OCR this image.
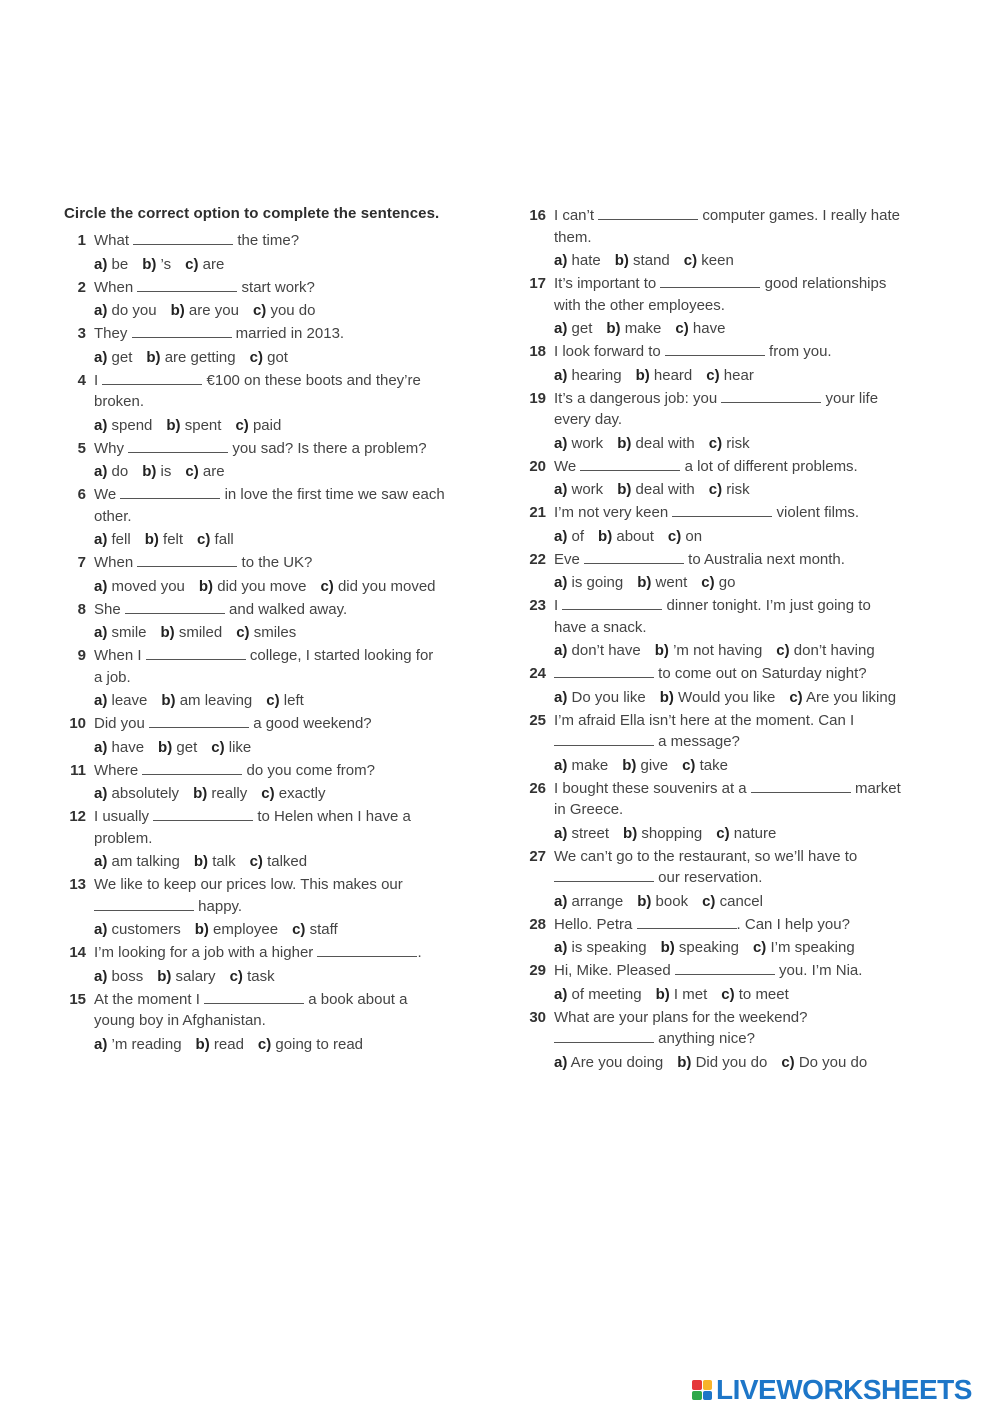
Circle the correct option to complete the sentences.
1 What	the time?
a) be b) ’s c) are
2 When	start work?
a) do you b) are you c) you do
3 They	married in 2013.
a) get b) are getting c) got
4 I	€100 on these boots and they’re
broken.
a) spend b) spent c) paid
5 Why	you sad? Is there a problem?
a) do b) is c) are
6 We	in love the first time we saw each
other.
a) fell b) felt c) fall
7 When	to the UK?
a) moved you b) did you move c) did you moved
8 She	and walked away.
a) smile b) smiled c) smiles
9 When I	college, I started looking for
a job.
a) leave b) am leaving c) left
10 Did you	a good weekend?
a) have b) get c) like
11 Where	do you come from?
a) absolutely b) really c) exactly
12 I usually	to Helen when I have a
problem.
a) am talking b) talk c) talked
13 We like to keep our prices low. This makes our
happy.
a) customers b) employee c) staff
14 I’m looking for a job with a higher	.
a) boss b) salary c) task
15 At the moment I	a book about a
young boy in Afghanistan.
a) ’m reading b) read c) going to read
16 I can’t	computer games. I really hate
them.
a) hate b) stand c) keen
17 It’s important to	good relationships
with the other employees.
a) get b) make c) have
18 I look forward to	from you.
a) hearing b) heard c) hear
19 It’s a dangerous job: you	your life
every day.
a) work b) deal with c) risk
20 We	a lot of different problems.
a) work b) deal with c) risk
21 I’m not very keen	violent films.
a) of b) about c) on
22 Eve	to Australia next month.
a) is going b) went c) go
23 I	dinner tonight. I’m just going to
have a snack.
a) don’t have b) ’m not having c) don’t having
24	to come out on Saturday night?
a) Do you like b) Would you like c) Are you liking
25 I’m afraid Ella isn’t here at the moment. Can I
a message?
a) make b) give c) take
26 I bought these souvenirs at a	market
in Greece.
a) street b) shopping c) nature
27 We can’t go to the restaurant, so we’ll have to
our reservation.
a) arrange b) book c) cancel
28 Hello. Petra	. Can I help you?
a) is speaking b) speaking c) I’m speaking
29 Hi, Mike. Pleased	you. I’m Nia.
a) of meeting b) I met c) to meet
30 What are your plans for the weekend?
anything nice?
a) Are you doing b) Did you do c) Do you do
LIVEWORKSHEETS
